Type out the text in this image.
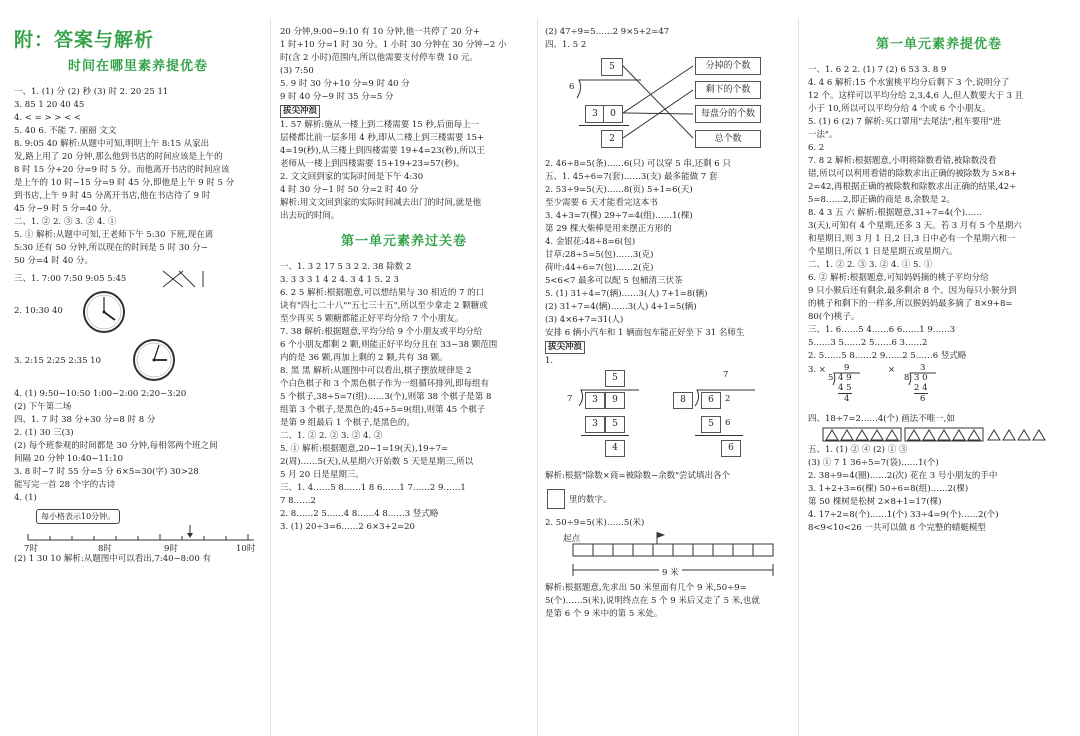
附：答案与解析
时间在哪里素养提优卷
一、1. (1) 分 (2) 秒 (3) 时 2. 20 25 11
3. 85 1 20 40 45
4. < = > > < <
5. 40 6. 不能 7. 丽丽 文文
8. 9:05 40 解析:从题中可知,明明上午 8:15 从家出
发,路上用了 20 分钟,那么他到书店的时间应该是上午的
8 时 15 分+20 分=9 时 5 分。而他离开书店的时间应该
是上午的 10 时−15 分=9 时 45 分,即他是上午 9 时 5 分
到书店,上午 9 时 45 分离开书店,他在书店待了 9 时
45 分−9 时 5 分=40 分。
二、1. ② 2. ③ 3. ② 4. ①
5. ① 解析:从题中可知,王老师下午 5:30 下班,现在离
5:30 还有 50 分钟,所以现在的时间是 5 时 30 分−
50 分=4 时 40 分。
三、1. 7:00 7:50 9:05 5:45
2. 10:30 40
3. 2:15 2:25 2:35 10
4. (1) 9:50−10:50 1:00−2:00 2:20−3:20
(2) 下午第二场
四、1. 7 时 38 分+30 分=8 时 8 分
2. (1) 30 三(3)
(2) 每个班参观的时间都是 30 分钟,每相邻两个班之间
间隔 20 分钟 10:40−11:10
3. 8 时−7 时 55 分=5 分 6×5=30(字) 30>28
能写完一首 28 个字的古诗
4. (1)
每小格表示10分钟。
7时	8时	9时	10时
(2) 1 30 10 解析:从题图中可以看出,7:40−8:00 有
20 分钟,9:00−9:10 有 10 分钟,他一共停了 20 分+
1 时+10 分=1 时 30 分。1 小时 30 分钟在 30 分钟~2 小
时(含 2 小时)范围内,所以他需要支付停车费 10 元。
(3) 7:50
5. 9 时 30 分+10 分=9 时 40 分
9 时 40 分−9 时 35 分=5 分
拔尖冲浪
1. 57 解析:施从一楼上到二楼需要 15 秒,后面每上一
层楼都比前一层多用 4 秒,即从二楼上到三楼需要 15+
4=19(秒),从三楼上到四楼需要 19+4=23(秒),所以王
老师从一楼上到四楼需要 15+19+23=57(秒)。
2. 文文回到家的实际时间是下午 4:30
4 时 30 分−1 时 50 分=2 时 40 分
解析:用文文回到家的实际时间减去出门的时间,就是他
出去玩的时间。
第一单元素养过关卷
一、1. 3 2 17 5 3 2 2. 38 除数 2
3. 3 3 3 1 4 2 4. 3 4 1 5. 2 3
6. 2 5 解析:根据题意,可以想结果与 30 相近的 7 的口
诀有"四七二十八""五七三十五",所以至少拿走 2 颗糖或
至少再买 5 颗糖都能正好平均分给 7 个小朋友。
7. 38 解析:根据题意,平均分给 9 个小朋友或平均分给
6 个小朋友都剩 2 颗,则能正好平均分且在 33~38 颗范围
内的是 36 颗,再加上剩的 2 颗,共有 38 颗。
8. 黑 黑 解析:从题图中可以看出,棋子摆放规律是 2
个白色棋子和 3 个黑色棋子作为一组循环排列,即每组有
5 个棋子,38÷5=7(组)……3(个),则第 38 个棋子是第 8
组第 3 个棋子,是黑色的;45÷5=9(组),则第 45 个棋子
是第 9 组最后 1 个棋子,是黑色的。
二、1. ② 2. ② 3. ② 4. ②
5. ① 解析:根据题意,20−1=19(天),19÷7=
2(周)……5(天),从星期六开始数 5 天是星期三,所以
5 月 20 日是星期三。
三、1. 4……5 8……1 8 6……1 7……2 9……1
7 8……2
2. 8……2 5……4 8……4 8……3 竖式略
3. (1) 20÷3=6……2 6×3+2=20
(2) 47÷9=5……2 9×5+2=47
四、1. 5 2
5
6
3	0
2
分掉的个数
剩下的个数
每盘分的个数
总个数
2. 46÷8=5(条)……6(只) 可以穿 5 串,还剩 6 只
五、1. 45÷6=7(套)……3(支) 最多能做 7 套
2. 53÷9=5(天)……8(页) 5+1=6(天)
至少需要 6 天才能看完这本书
3. 4+3=7(棵) 29÷7=4(组)……1(棵)
第 29 棵大柴棒是用来摆正方形的
4. 金银花:48÷8=6(包)
甘草:28÷5=5(包)……3(克)
荷叶:44÷6=7(包)……2(克)
5<6<7 最多可以配 5 包桶清三伏茶
5. (1) 31÷4=7(辆)……3(人) 7+1=8(辆)
(2) 31÷7=4(辆)……3(人) 4+1=5(辆)
(3) 4×6+7=31(人)
安排 6 辆小汽车和 1 辆面包车能正好坐下 31 名师生
拔尖冲浪
1.
5
7	3	9
3	5
4
7
8	6	2
5	6
6
解析:根据"除数×商=被除数−余数"尝试填出各个
里的数字。
2. 50÷9=5(米)……5(米)
起点
9 米
解析:根据题意,先求出 50 米里面有几个 9 米,50÷9=
5(个)……5(米),说明终点在 5 个 9 米后又走了 5 米,也就
是第 6 个 9 米中的第 5 米处。
第一单元素养提优卷
一、1. 6 2 2. (1) 7 (2) 6 53 3. 8 9
4. 4 6 解析:15 个水蜜桃平均分后剩下 3 个,说明分了
12 个。这样可以平均分给 2,3,4,6 人,但人数要大于 3 且
小于 10,所以可以平均分给 4 个或 6 个小朋友。
5. (1) 6 (2) 7 解析:买口罩用"去尾法";租车要用"进
一法"。
6. 2
7. 8 2 解析:根据题意,小明将除数看错,被除数没看
错,所以可以利用看错的除数求出正确的被除数为 5×8+
2=42,再根据正确的被除数和除数求出正确的结果,42÷
5=8……2,即正确的商是 8,余数是 2。
8. 4 3 五 六 解析:根据题意,31÷7=4(个)……
3(天),可知有 4 个星期,还多 3 天。若 3 月有 5 个星期六
和星期日,则 3 月 1 日,2 日,3 日中必有一个星期六和一
个星期日,所以 1 日是星期五或星期六。
二、1. ② 2. ③ 3. ② 4. ① 5. ①
6. ② 解析:根据题意,可知妈妈摘的桃子平均分给
9 只小猴后还有剩余,最多剩余 8 个。因为每只小猴分到
的桃子和剩下的一样多,所以猴妈妈最多摘了 8×9+8=
80(个)桃子。
三、1. 6……5 4……6 6……1 9……3
5……3 5……2 5……6 3……2
2. 5……5 8……2 9……2 5……6 竖式略
3. × 9
5 4 9
4 5
4
×	3
8 3 0
2 4
6
四、18÷7=2……4(个) 画法不唯一,如
五、1. (1) ② ④ (2) ① ③
(3) ① 7 1 36÷5=7(袋)……1(个)
2. 38÷9=4(圈)……2(次) 花在 3 号小朋友的手中
3. 1+2+3=6(棵) 50÷6=8(组)……2(棵)
第 50 棵树是松树 2×8+1=17(棵)
4. 17÷2=8(个)……1(个) 33÷4=9(个)……2(个)
8<9<10<26 一共可以做 8 个完整的蜻蜓模型
